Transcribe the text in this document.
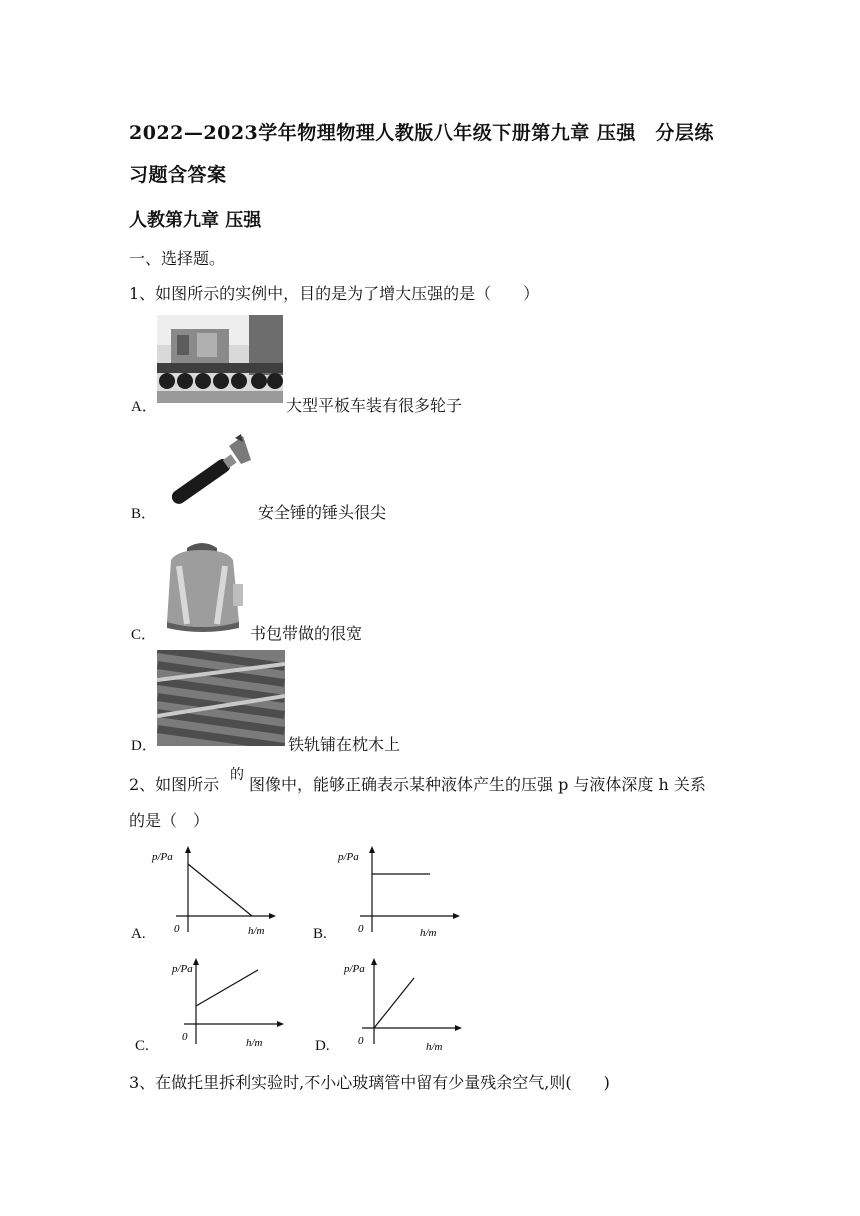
2022—2023学年物理物理人教版八年级下册第九章 压强　分层练
习题含答案
人教第九章 压强
一、选择题。
1、如图所示的实例中，目的是为了增大压强的是（　　）
A．	大型平板车装有很多轮子
B．	安全锤的锤头很尖
C．	书包带做的很宽
D．	铁轨铺在枕木上
2、如图所示 的 图像中，能够正确表示某种液体产生的压强 p 与液体深度 h 关系
的是（　）
A.
p/Pa
0	h/m	B.
p/Pa
0	h/m
C.
p/Pa
0	h/m	D.
p/Pa
0	h/m
3、在做托里拆利实验时,不小心玻璃管中留有少量残余空气,则(　　)
